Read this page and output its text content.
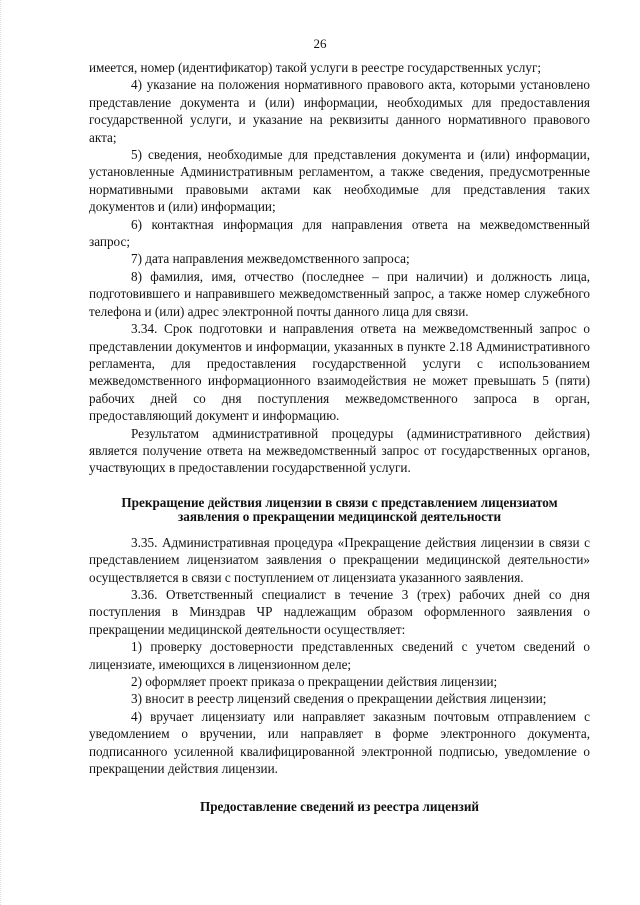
26

имеется, номер (идентификатор) такой услуги в реестре государственных услуг;

4) указание на положения нормативного правового акта, которыми установлено представление документа и (или) информации, необходимых для предоставления государственной услуги, и указание на реквизиты данного нормативного правового акта;

5) сведения, необходимые для представления документа и (или) информации, установленные Административным регламентом, а также сведения, предусмотренные нормативными правовыми актами как необходимые для представления таких документов и (или) информации;

6) контактная информация для направления ответа на межведомственный запрос;

7) дата направления межведомственного запроса;

8) фамилия, имя, отчество (последнее – при наличии) и должность лица, подготовившего и направившего межведомственный запрос, а также номер служебного телефона и (или) адрес электронной почты данного лица для связи.

3.34. Срок подготовки и направления ответа на межведомственный запрос о представлении документов и информации, указанных в пункте 2.18 Административного регламента, для предоставления государственной услуги с использованием межведомственного информационного взаимодействия не может превышать 5 (пяти) рабочих дней со дня поступления межведомственного запроса в орган, предоставляющий документ и информацию.

Результатом административной процедуры (административного действия) является получение ответа на межведомственный запрос от государственных органов, участвующих в предоставлении государственной услуги.

Прекращение действия лицензии в связи с представлением лицензиатом заявления о прекращении медицинской деятельности

3.35. Административная процедура «Прекращение действия лицензии в связи с представлением лицензиатом заявления о прекращении медицинской деятельности» осуществляется в связи с поступлением от лицензиата указанного заявления.

3.36. Ответственный специалист в течение 3 (трех) рабочих дней со дня поступления в Минздрав ЧР надлежащим образом оформленного заявления о прекращении медицинской деятельности осуществляет:

1) проверку достоверности представленных сведений с учетом сведений о лицензиате, имеющихся в лицензионном деле;

2) оформляет проект приказа о прекращении действия лицензии;

3) вносит в реестр лицензий сведения о прекращении действия лицензии;

4) вручает лицензиату или направляет заказным почтовым отправлением с уведомлением о вручении, или направляет в форме электронного документа, подписанного усиленной квалифицированной электронной подписью, уведомление о прекращении действия лицензии.

Предоставление сведений из реестра лицензий
